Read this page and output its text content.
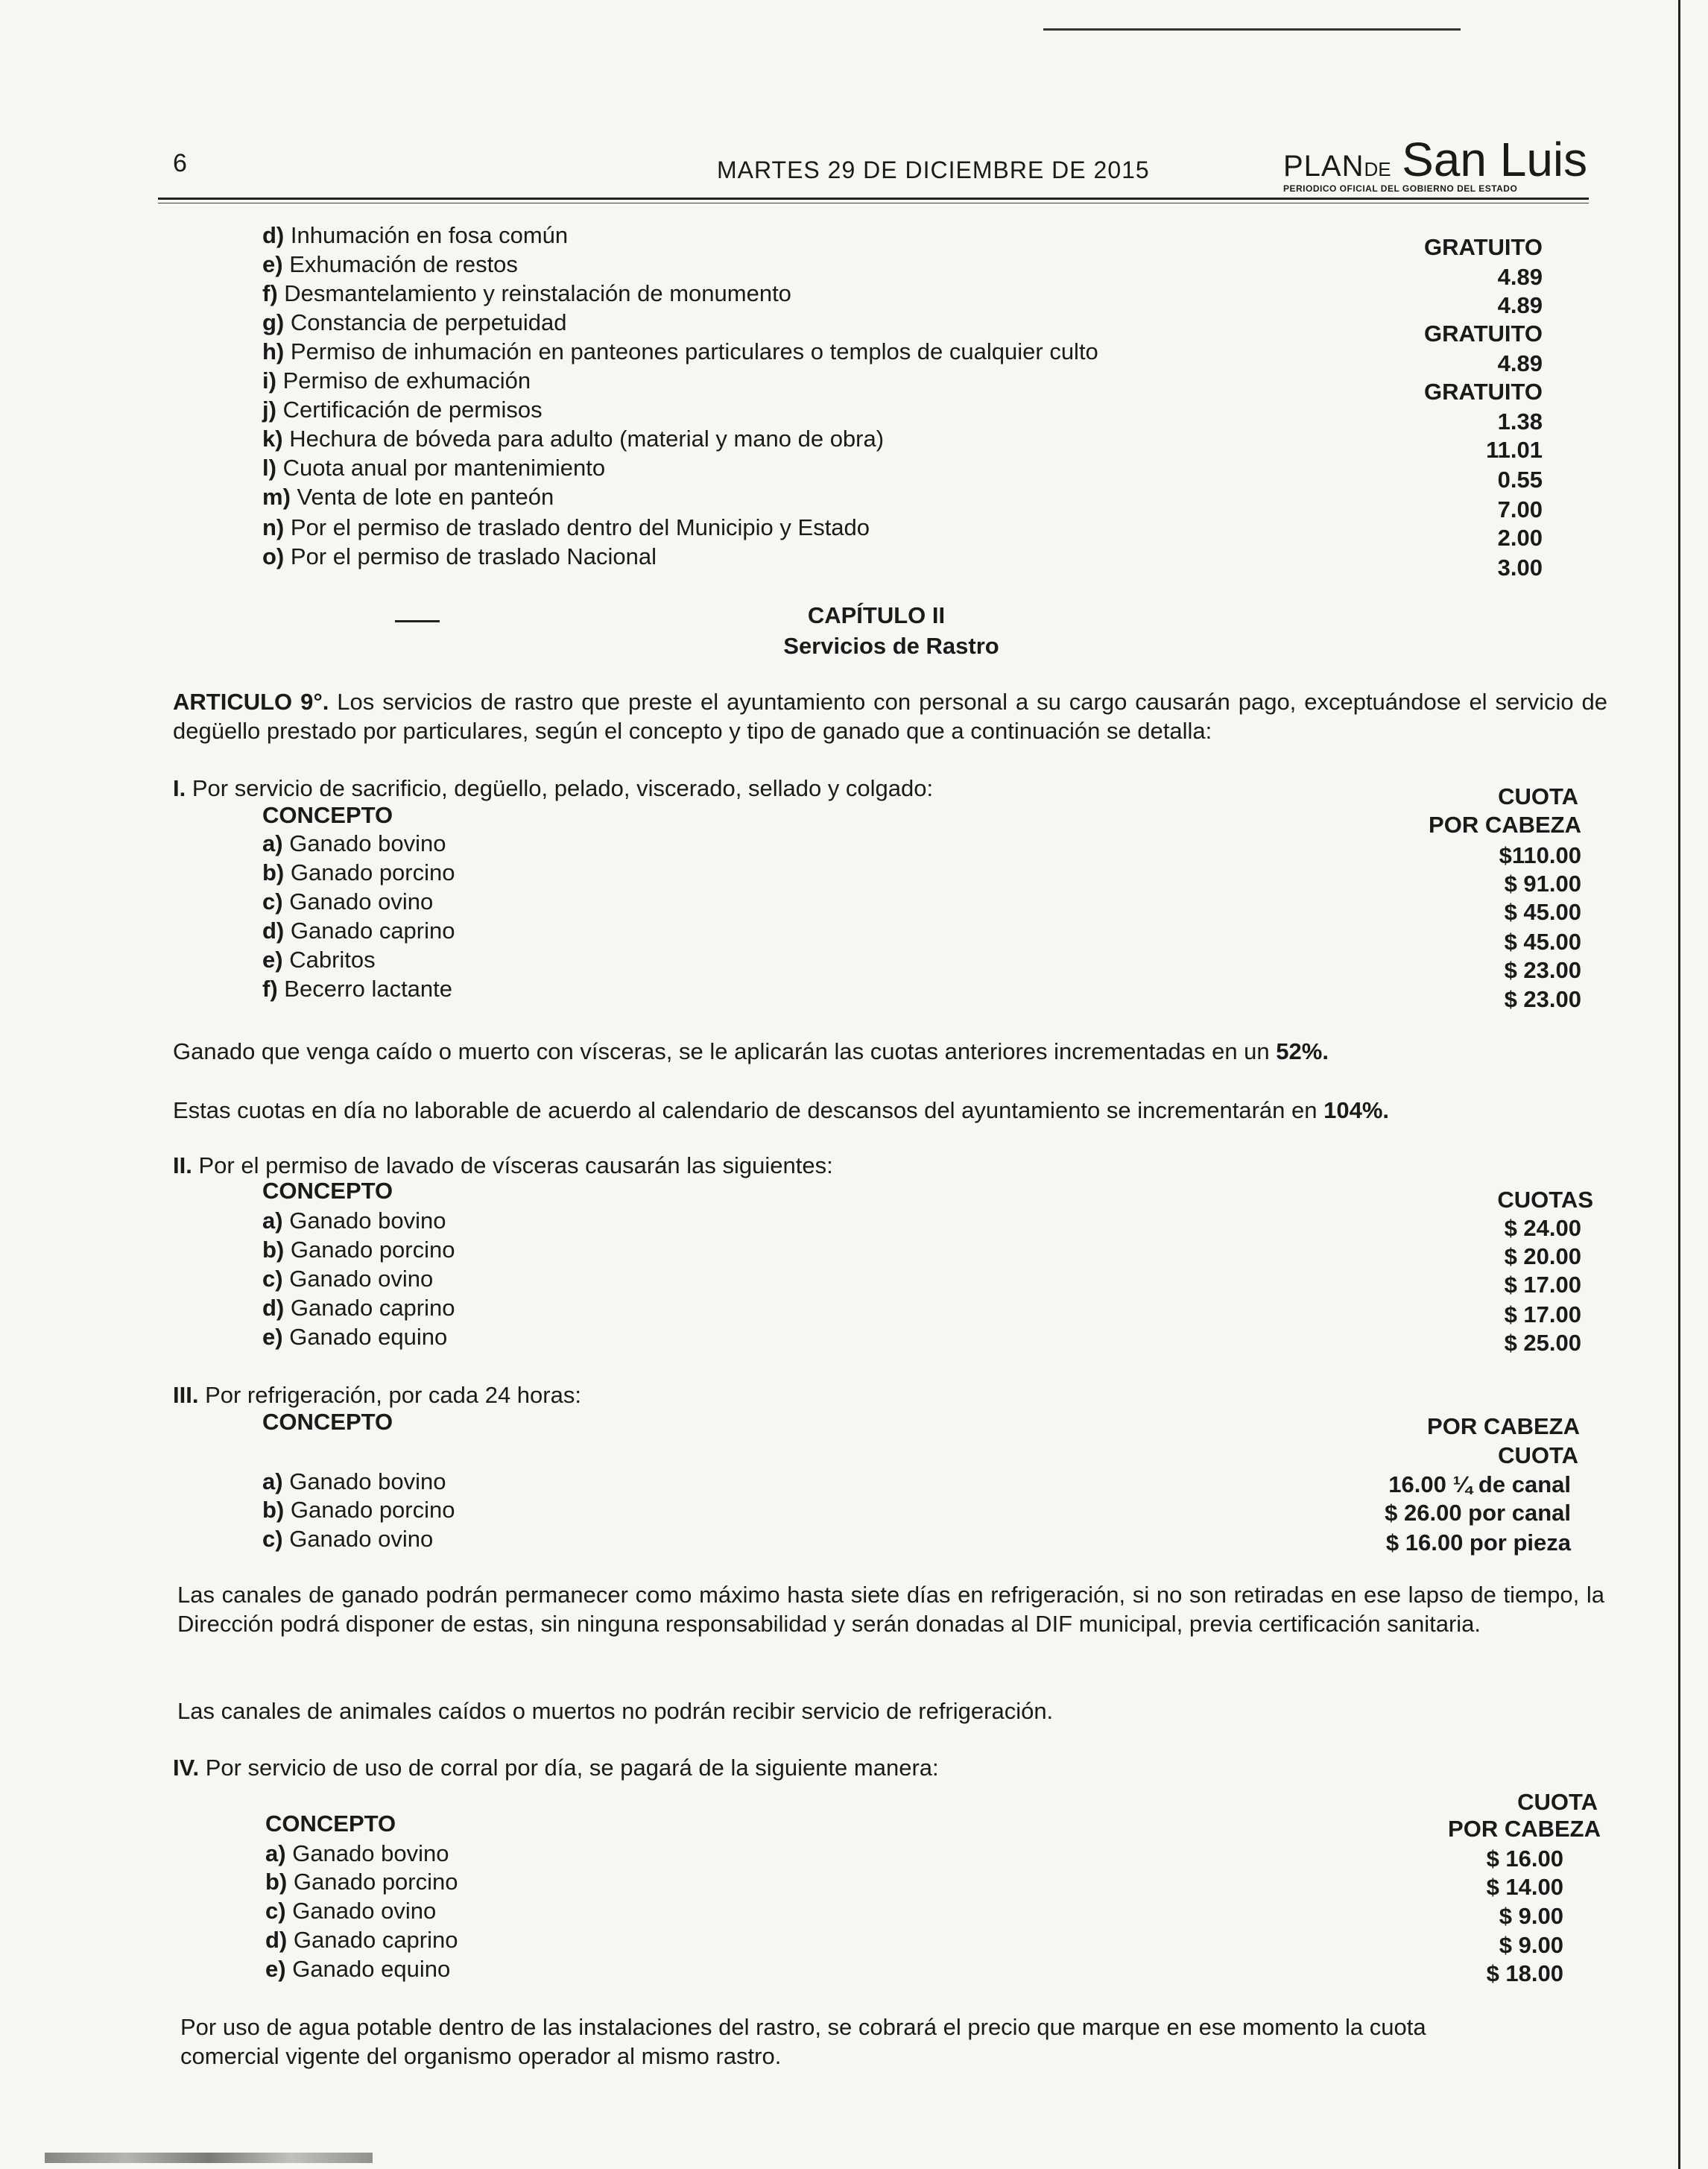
6	MARTES 29 DE DICIEMBRE DE 2015	PLANDE San Luis
PERIODICO OFICIAL DEL GOBIERNO DEL ESTADO
d) Inhumación en fosa común	GRATUITO
e) Exhumación de restos	4.89
f) Desmantelamiento y reinstalación de monumento	4.89
g) Constancia de perpetuidad	GRATUITO
h) Permiso de inhumación en panteones particulares o templos de cualquier culto	4.89
i) Permiso de exhumación	GRATUITO
j) Certificación de permisos	1.38
k) Hechura de bóveda para adulto (material y mano de obra)	11.01
l) Cuota anual por mantenimiento	0.55
m) Venta de lote en panteón	7.00
n) Por el permiso de traslado dentro del Municipio y Estado	2.00
o) Por el permiso de traslado Nacional	3.00
CAPÍTULO II
Servicios de Rastro
ARTICULO 9°. Los servicios de rastro que preste el ayuntamiento con personal a su cargo causarán pago, exceptuándose el servicio de degüello prestado por particulares, según el concepto y tipo de ganado que a continuación se detalla:
I. Por servicio de sacrificio, degüello, pelado, viscerado, sellado y colgado:
CONCEPTO
CUOTA
POR CABEZA
a) Ganado bovino	$110.00
b) Ganado porcino	$ 91.00
c) Ganado ovino	$ 45.00
d) Ganado caprino	$ 45.00
e) Cabritos	$ 23.00
f) Becerro lactante	$ 23.00
Ganado que venga caído o muerto con vísceras, se le aplicarán las cuotas anteriores incrementadas en un 52%.
Estas cuotas en día no laborable de acuerdo al calendario de descansos del ayuntamiento se incrementarán en 104%.
II. Por el permiso de lavado de vísceras causarán las siguientes:
CONCEPTO	CUOTAS
a) Ganado bovino	$ 24.00
b) Ganado porcino	$ 20.00
c) Ganado ovino	$ 17.00
d) Ganado caprino	$ 17.00
e) Ganado equino	$ 25.00
III. Por refrigeración, por cada 24 horas:
CONCEPTO	POR CABEZA
CUOTA
a) Ganado bovino	16.00 ¼ de canal
b) Ganado porcino	$ 26.00 por canal
c) Ganado ovino	$ 16.00 por pieza
Las canales de ganado podrán permanecer como máximo hasta siete días en refrigeración, si no son retiradas en ese lapso de tiempo, la Dirección podrá disponer de estas, sin ninguna responsabilidad y serán donadas al DIF municipal, previa certificación sanitaria.
Las canales de animales caídos o muertos no podrán recibir servicio de refrigeración.
IV. Por servicio de uso de corral por día, se pagará de la siguiente manera:
CUOTA
CONCEPTO	POR CABEZA
a) Ganado bovino	$ 16.00
b) Ganado porcino	$ 14.00
c) Ganado ovino	$ 9.00
d) Ganado caprino	$ 9.00
e) Ganado equino	$ 18.00
Por uso de agua potable dentro de las instalaciones del rastro, se cobrará el precio que marque en ese momento la cuota comercial vigente del organismo operador al mismo rastro.
